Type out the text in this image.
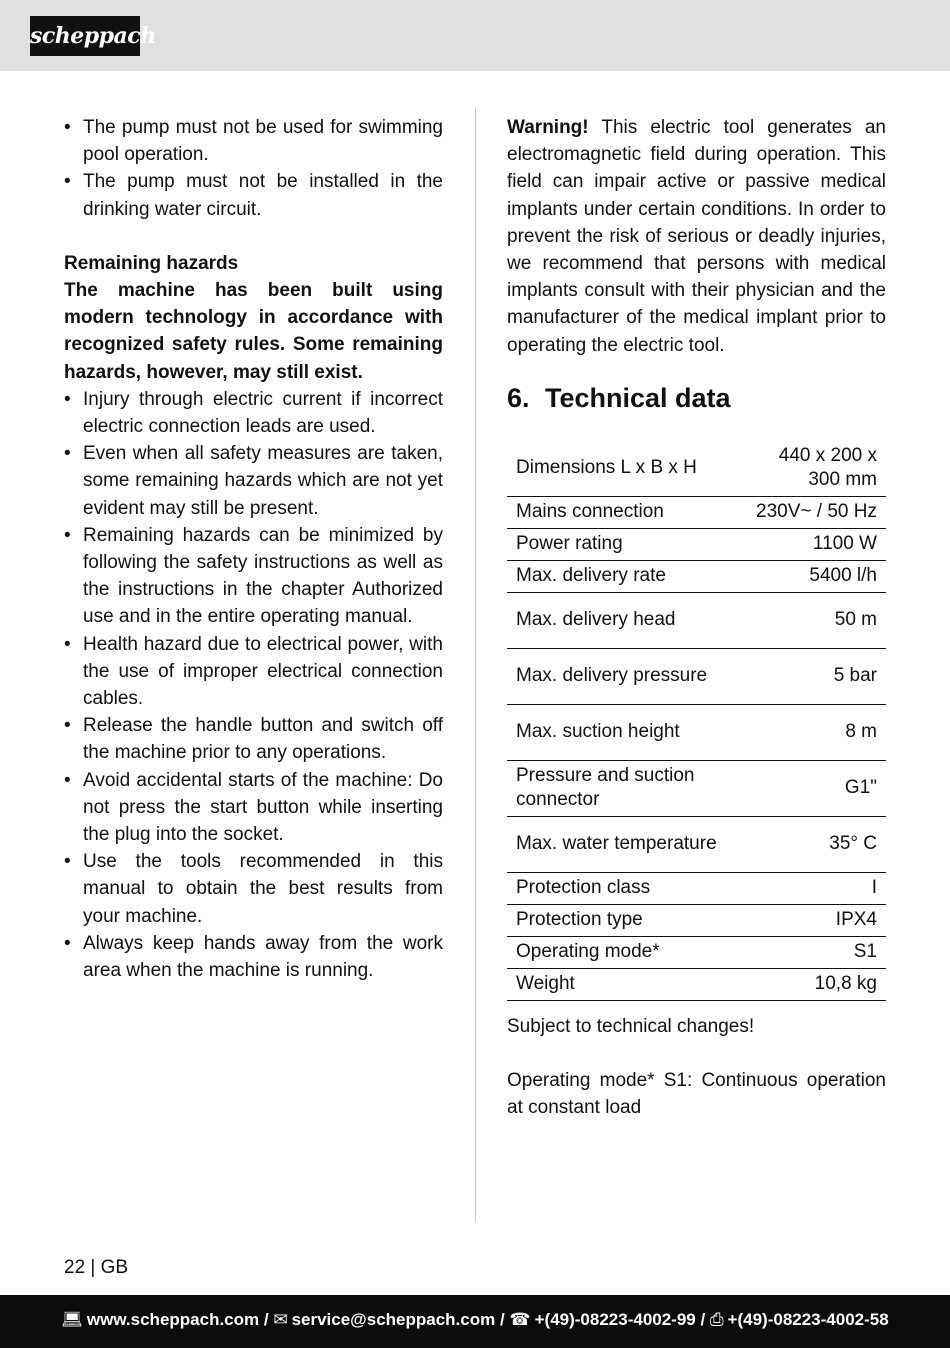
scheppach
• The pump must not be used for swimming pool operation.
• The pump must not be installed in the drinking water circuit.
Remaining hazards
The machine has been built using modern technology in accordance with recognized safety rules. Some remaining hazards, however, may still exist.
• Injury through electric current if incorrect electric connection leads are used.
• Even when all safety measures are taken, some remaining hazards which are not yet evident may still be present.
• Remaining hazards can be minimized by following the safety instructions as well as the instructions in the chapter Authorized use and in the entire operating manual.
• Health hazard due to electrical power, with the use of improper electrical connection cables.
• Release the handle button and switch off the machine prior to any operations.
• Avoid accidental starts of the machine: Do not press the start button while inserting the plug into the socket.
• Use the tools recommended in this manual to obtain the best results from your machine.
• Always keep hands away from the work area when the machine is running.
Warning! This electric tool generates an electromagnetic field during operation. This field can impair active or passive medical implants under certain conditions. In order to prevent the risk of serious or deadly injuries, we recommend that persons with medical implants consult with their physician and the manufacturer of the medical implant prior to operating the electric tool.
6. Technical data
Dimensions L x B x H	440 x 200 x 300 mm
Mains connection	230V~ / 50 Hz
Power rating	1100 W
Max. delivery rate	5400 l/h
Max. delivery head	50 m
Max. delivery pressure	5 bar
Max. suction height	8 m
Pressure and suction connector	G1"
Max. water temperature	35° C
Protection class	I
Protection type	IPX4
Operating mode*	S1
Weight	10,8 kg
Subject to technical changes!
Operating mode* S1: Continuous operation at constant load
22 | GB
💻︎ www.scheppach.com / ✉︎ service@scheppach.com / ☎︎ +(49)-08223-4002-99 / ⎙ +(49)-08223-4002-58
